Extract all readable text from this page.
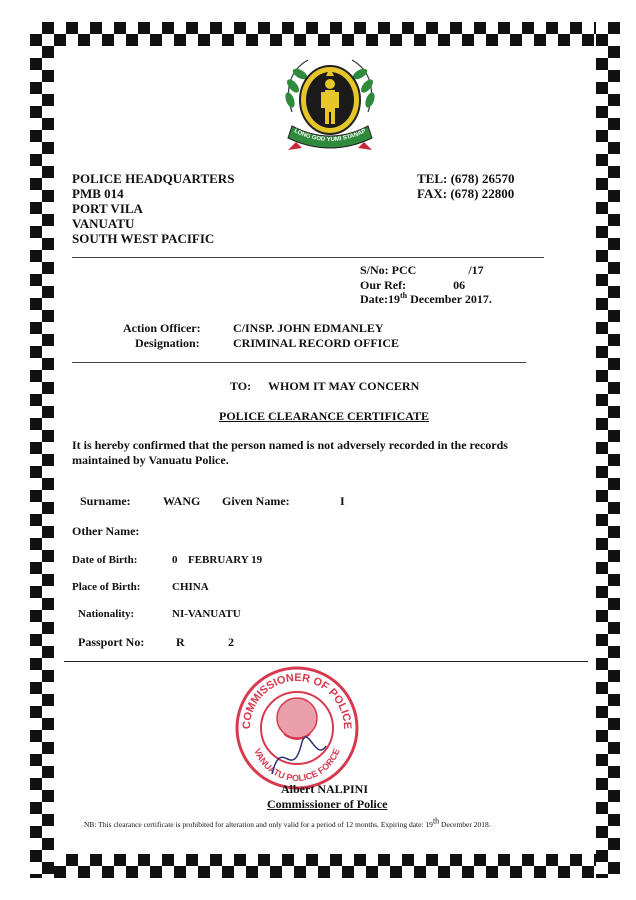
LONG GOD YUMI STANAP
POLICE HEADQUARTERS
PMB 014
PORT VILA
VANUATU
SOUTH WEST PACIFIC
TEL: (678) 26570
FAX: (678) 22800
S/No: PCC	/17
Our Ref:	06
Date:19th December 2017.
Action Officer:	C/INSP. JOHN EDMANLEY
Designation:	CRIMINAL RECORD OFFICE
TO: WHOM IT MAY CONCERN
POLICE CLEARANCE CERTIFICATE
It is hereby confirmed that the person named is not adversely recorded in the records
maintained by Vanuatu Police.
Surname:	WANG Given Name:	I
Other Name:
Date of Birth:	0 FEBRUARY 19
Place of Birth:	CHINA
Nationality:	NI-VANUATU
Passport No:	R	2
COMMISSIONER OF POLICE
VANUATU POLICE FORCE
Albert NALPINI
Commissioner of Police
NB: This clearance certificate is prohibited for alteration and only valid for a period of 12 months. Expiring date: 19th December 2018.
